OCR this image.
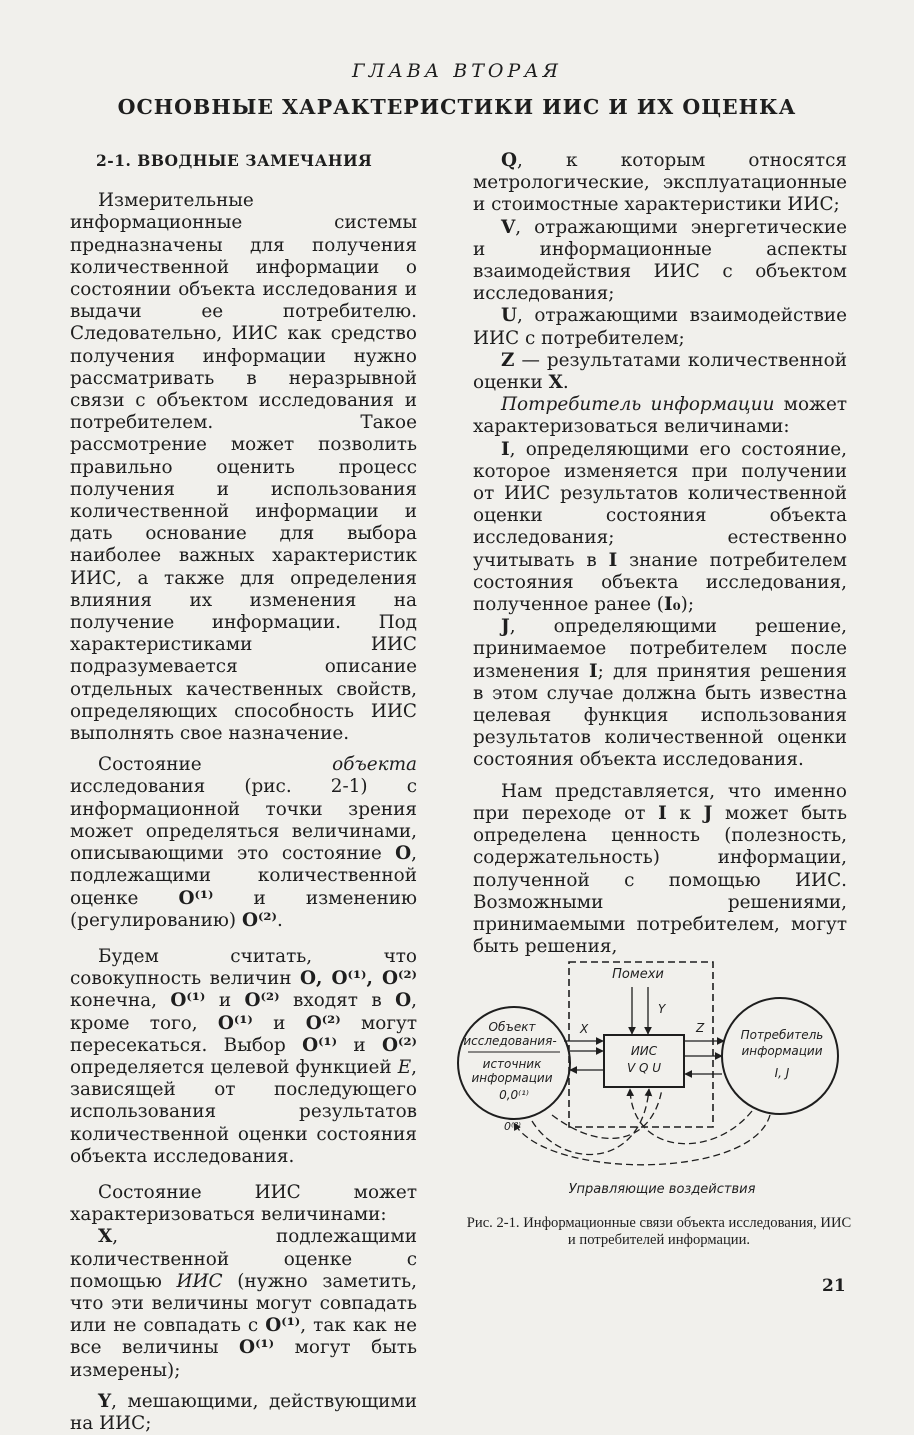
ГЛАВА ВТОРАЯ
ОСНОВНЫЕ ХАРАКТЕРИСТИКИ ИИС И ИХ ОЦЕНКА

2-1. ВВОДНЫЕ ЗАМЕЧАНИЯ

Измерительные информационные системы предназначены для получения количественной информации о состоянии объекта исследования и выдачи ее потребителю. Следовательно, ИИС как средство получения информации нужно рассматривать в неразрывной связи с объектом исследования и потребителем. Такое рассмотрение может позволить правильно оценить процесс получения и использования количественной информации и дать основание для выбора наиболее важных характеристик ИИС, а также для определения влияния их изменения на получение информации. Под характеристиками ИИС подразумевается описание отдельных качественных свойств, определяющих способность ИИС выполнять свое назначение.

Состояние объекта исследования (рис. 2-1) с информационной точки зрения может определяться величинами, описывающими это состояние О, подлежащими количественной оценке О⁽¹⁾ и изменению (регулированию) О⁽²⁾.

Будем считать, что совокупность величин О, О⁽¹⁾, О⁽²⁾ конечна, О⁽¹⁾ и О⁽²⁾ входят в О, кроме того, О⁽¹⁾ и О⁽²⁾ могут пересекаться. Выбор О⁽¹⁾ и О⁽²⁾ определяется целевой функцией Е, зависящей от последующего использования результатов количественной оценки состояния объекта исследования.

Состояние ИИС может характеризоваться величинами:

X, подлежащими количественной оценке с помощью ИИС (нужно заметить, что эти величины могут совпадать или не совпадать с О⁽¹⁾, так как не все величины О⁽¹⁾ могут быть измерены);

Y, мешающими, действующими на ИИС;

Q, к которым относятся метрологические, эксплуатационные и стоимостные характеристики ИИС;

V, отражающими энергетические и информационные аспекты взаимодействия ИИС с объектом исследования;

U, отражающими взаимодействие ИИС с потребителем;

Z — результатами количественной оценки X.

Потребитель информации может характеризоваться величинами:

I, определяющими его состояние, которое изменяется при получении от ИИС результатов количественной оценки состояния объекта исследования; естественно учитывать в I знание потребителем состояния объекта исследования, полученное ранее (I₀);

J, определяющими решение, принимаемое потребителем после изменения I; для принятия решения в этом случае должна быть известна целевая функция использования результатов количественной оценки состояния объекта исследования.

Нам представляется, что именно при переходе от I к J может быть определена ценность (полезность, содержательность) информации, полученной с помощью ИИС. Возможными решениями, принимаемыми потребителем, могут быть решения,

ИИС
V Q U
Помехи
Y
Объект
исследования-
источник
информации
0,0⁽¹⁾
Потребитель
информации
I, J
X	Z
0⁽²⁾
Управляющие воздействия
Рис. 2-1. Информационные связи объекта исследования, ИИС и потребителей информации.
21
